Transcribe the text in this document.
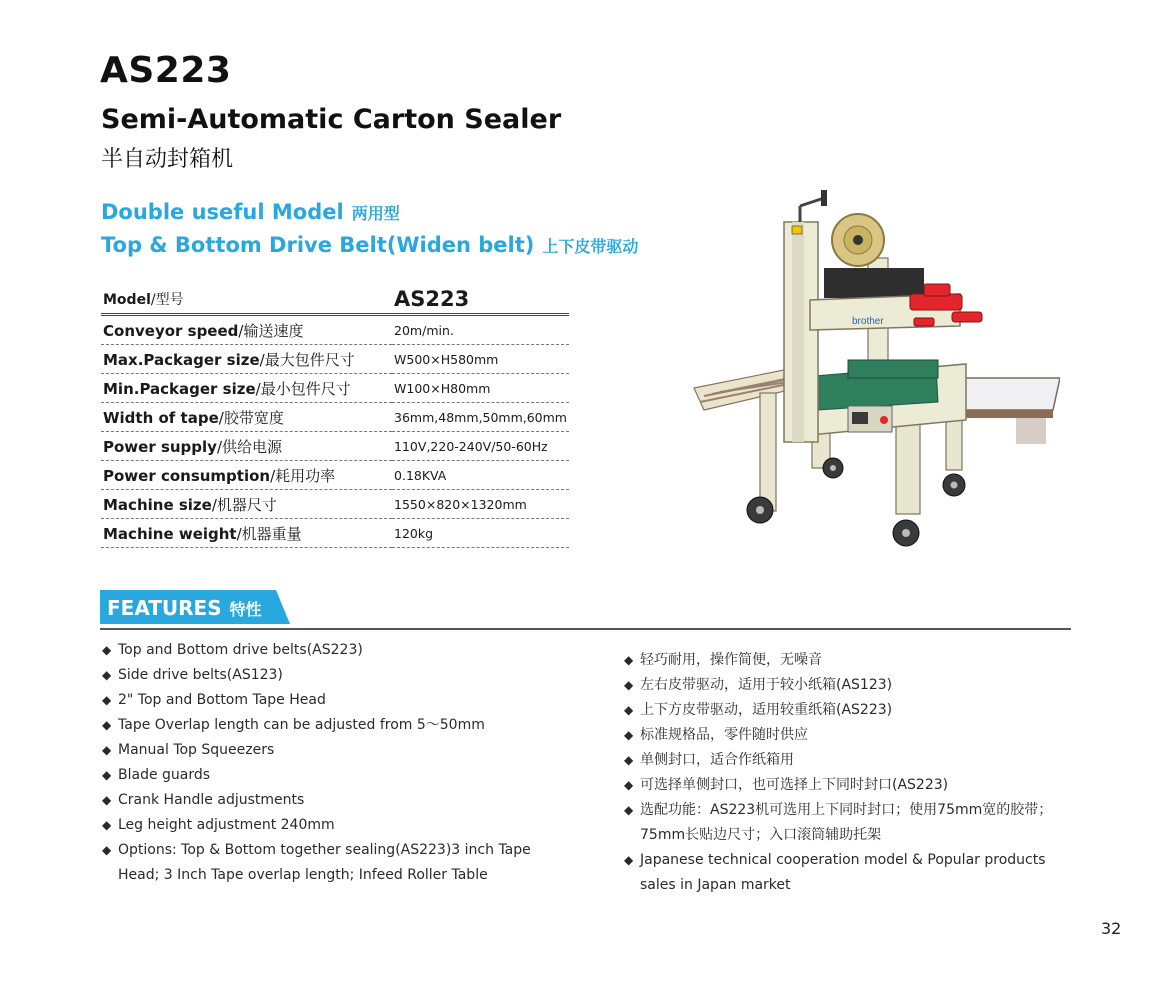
AS223
Semi-Automatic Carton Sealer
半自动封箱机
Double useful Model 两用型
Top & Bottom Drive Belt(Widen belt) 上下皮带驱动
Model/型号	AS223
Conveyor speed/输送速度	20m/min.
Max.Packager size/最大包件尺寸	W500×H580mm
Min.Packager size/最小包件尺寸	W100×H80mm
Width of tape/胶带宽度	36mm,48mm,50mm,60mm
Power supply/供给电源	110V,220-240V/50-60Hz
Power consumption/耗用功率	0.18KVA
Machine size/机器尺寸	1550×820×1320mm
Machine weight/机器重量	120kg
brother
FEATURES 特性
◆ Top and Bottom drive belts(AS223)
◆ Side drive belts(AS123)
◆ 2" Top and Bottom Tape Head
◆ Tape Overlap length can be adjusted from 5～50mm
◆ Manual Top Squeezers
◆ Blade guards
◆ Crank Handle adjustments
◆ Leg height adjustment 240mm
◆ Options: Top & Bottom together sealing(AS223)3 inch Tape
Head; 3 Inch Tape overlap length; Infeed Roller Table
◆ 轻巧耐用，操作简便，无噪音
◆ 左右皮带驱动，适用于较小纸箱(AS123)
◆ 上下方皮带驱动，适用较重纸箱(AS223)
◆ 标准规格品，零件随时供应
◆ 单侧封口，适合作纸箱用
◆ 可选择单侧封口，也可选择上下同时封口(AS223)
◆ 选配功能：AS223机可选用上下同时封口；使用75mm宽的胶带；
75mm长贴边尺寸；入口滚筒辅助托架
◆ Japanese technical cooperation model & Popular products
sales in Japan market
32
